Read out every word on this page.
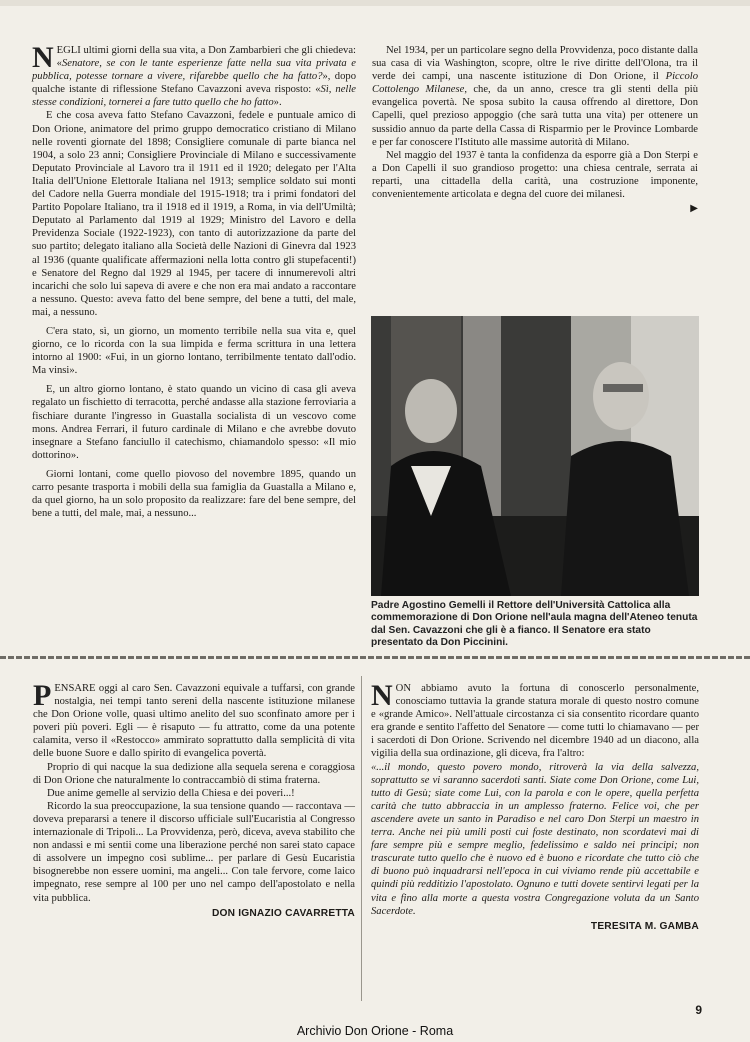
NEGLI ultimi giorni della sua vita, a Don Zambarbieri che gli chiedeva: «Senatore, se con le tante esperienze fatte nella sua vita privata e pubblica, potesse tornare a vivere, rifarebbe quello che ha fatto?», dopo qualche istante di riflessione Stefano Cavazzoni aveva risposto: «Sì, nelle stesse condizioni, tornerei a fare tutto quello che ho fatto».

E che cosa aveva fatto Stefano Cavazzoni, fedele e puntuale amico di Don Orione, animatore del primo gruppo democratico cristiano di Milano nelle roventi giornate del 1898; Consigliere comunale di parte bianca nel 1904, a solo 23 anni; Consigliere Provinciale di Milano e successivamente Deputato Provinciale al Lavoro tra il 1911 ed il 1920; delegato per l'Alta Italia dell'Unione Elettorale Italiana nel 1913; semplice soldato sui monti del Cadore nella Guerra mondiale del 1915-1918; tra i primi fondatori del Partito Popolare Italiano, tra il 1918 ed il 1919, a Roma, in via dell'Umiltà; Deputato al Parlamento dal 1919 al 1929; Ministro del Lavoro e della Previdenza Sociale (1922-1923), con tanto di autorizzazione da parte del suo partito; delegato italiano alla Società delle Nazioni di Ginevra dal 1923 al 1936 (quante qualificate affermazioni nella lotta contro gli stupefacenti!) e Senatore del Regno dal 1929 al 1945, per tacere di innumerevoli altri incarichi che solo lui sapeva di avere e che non era mai andato a raccontare a nessuno. Questo: aveva fatto del bene sempre, del bene a tutti, del male, mai, a nessuno.

C'era stato, sì, un giorno, un momento terribile nella sua vita e, quel giorno, ce lo ricorda con la sua limpida e ferma scrittura in una lettera intorno al 1900: «Fui, in un giorno lontano, terribilmente tentato dall'odio. Ma vinsi».

E, un altro giorno lontano, è stato quando un vicino di casa gli aveva regalato un fischietto di terracotta, perché andasse alla stazione ferroviaria a fischiare durante l'ingresso in Guastalla socialista di un vescovo come mons. Andrea Ferrari, il futuro cardinale di Milano e che avrebbe dovuto insegnare a Stefano fanciullo il catechismo, chiamandolo spesso: «Il mio dottorino».

Giorni lontani, come quello piovoso del novembre 1895, quando un carro pesante trasporta i mobili della sua famiglia da Guastalla a Milano e, da quel giorno, ha un solo proposito da realizzare: fare del bene sempre, del bene a tutti, del male, mai, a nessuno...

Nel 1934, per un particolare segno della Provvidenza, poco distante dalla sua casa di via Washington, scopre, oltre le rive diritte dell'Olona, tra il verde dei campi, una nascente istituzione di Don Orione, il Piccolo Cottolengo Milanese, che, da un anno, cresce tra gli stenti della più evangelica povertà. Ne sposa subito la causa offrendo al direttore, Don Capelli, quel prezioso appoggio (che sarà tutta una vita) per ottenere un sussidio annuo da parte della Cassa di Risparmio per le Province Lombarde e per far conoscere l'Istituto alle massime autorità di Milano.

Nel maggio del 1937 è tanta la confidenza da esporre già a Don Sterpi e a Don Capelli il suo grandioso progetto: una chiesa centrale, serrata ai reparti, una cittadella della carità, una costruzione imponente, convenientemente articolata e degna del cuore dei milanesi.

▶
Padre Agostino Gemelli il Rettore dell'Università Cattolica alla commemorazione di Don Orione nell'aula magna dell'Ateneo tenuta dal Sen. Cavazzoni che gli è a fianco. Il Senatore era stato presentato da Don Piccinini.

PENSARE oggi al caro Sen. Cavazzoni equivale a tuffarsi, con grande nostalgia, nei tempi tanto sereni della nascente istituzione milanese che Don Orione volle, quasi ultimo anelito del suo sconfinato amore per i poveri più poveri. Egli — è risaputo — fu attratto, come da una potente calamita, verso il «Restocco» ammirato soprattutto dalla semplicità di vita delle buone Suore e dallo spirito di evangelica povertà.

Proprio di qui nacque la sua dedizione alla sequela serena e coraggiosa di Don Orione che naturalmente lo contraccambiò di stima fraterna.

Due anime gemelle al servizio della Chiesa e dei poveri...!

Ricordo la sua preoccupazione, la sua tensione quando — raccontava — doveva prepararsi a tenere il discorso ufficiale sull'Eucaristia al Congresso internazionale di Tripoli... La Provvidenza, però, diceva, aveva stabilito che non andassi e mi sentii come una liberazione perché non sarei stato capace di assolvere un impegno così sublime... per parlare di Gesù Eucaristia bisognerebbe non essere uomini, ma angeli... Con tale fervore, come laico impegnato, rese sempre al 100 per uno nel campo dell'apostolato e nella vita pubblica.

DON IGNAZIO CAVARRETTA

NON abbiamo avuto la fortuna di conoscerlo personalmente, conosciamo tuttavia la grande statura morale di questo nostro comune e «grande Amico». Nell'attuale circostanza ci sia consentito ricordare quanto era grande e sentito l'affetto del Senatore — come tutti lo chiamavano — per i sacerdoti di Don Orione. Scrivendo nel dicembre 1940 ad un diacono, alla vigilia della sua ordinazione, gli diceva, fra l'altro:

«...il mondo, questo povero mondo, ritroverà la via della salvezza, soprattutto se vi saranno sacerdoti santi. Siate come Don Orione, come Lui, tutto di Gesù; siate come Lui, con la parola e con le opere, quella perfetta carità che tutto abbraccia in un amplesso fraterno. Felice voi, che per ascendere avete un santo in Paradiso e nel caro Don Sterpi un maestro in terra. Anche nei più umili posti cui foste destinato, non scordatevi mai di fare sempre più e sempre meglio, fedelissimo e saldo nei principi; non trascurate tutto quello che è nuovo ed è buono e ricordate che tutto ciò che di buono può inquadrarsi nell'epoca in cui viviamo rende più accettabile e quindi più redditizio l'apostolato. Ognuno e tutti dovete sentirvi legati per la vita e fino alla morte a questa vostra Congregazione voluta da un Santo Sacerdote.

TERESITA M. GAMBA
9
Archivio Don Orione - Roma
